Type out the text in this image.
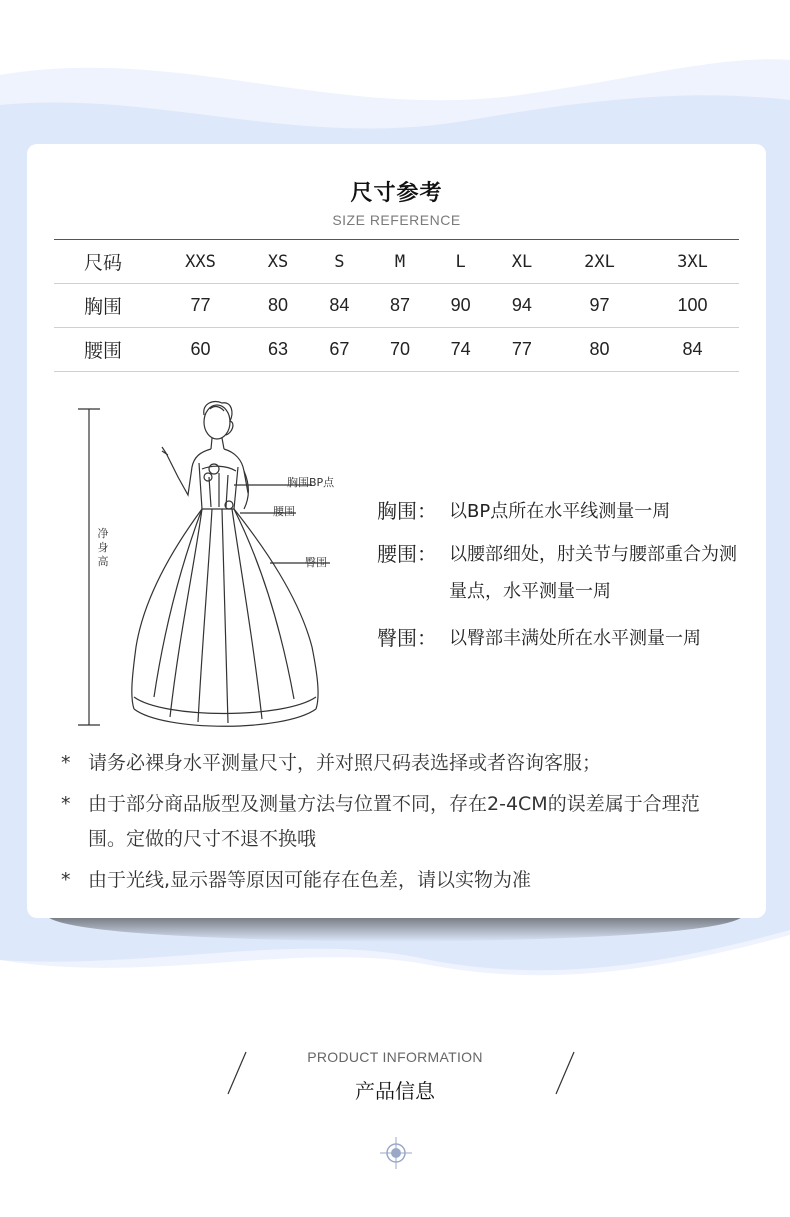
尺寸参考
SIZE REFERENCE
尺码	XXS	XS	S	M	L	XL	2XL	3XL
胸围	77	80	84	87	90	94	97	100
腰围	60	63	67	70	74	77	80	84
净身高
胸围BP点
腰围
臀围
胸围： 以BP点所在水平线测量一周
腰围： 以腰部细处，肘关节与腰部重合为测量点，水平测量一周
臀围： 以臀部丰满处所在水平测量一周
* 请务必裸身水平测量尺寸，并对照尺码表选择或者咨询客服；
* 由于部分商品版型及测量方法与位置不同，存在2-4CM的误差属于合理范围。定做的尺寸不退不换哦
* 由于光线,显示器等原因可能存在色差，请以实物为准
PRODUCT INFORMATION
产品信息
